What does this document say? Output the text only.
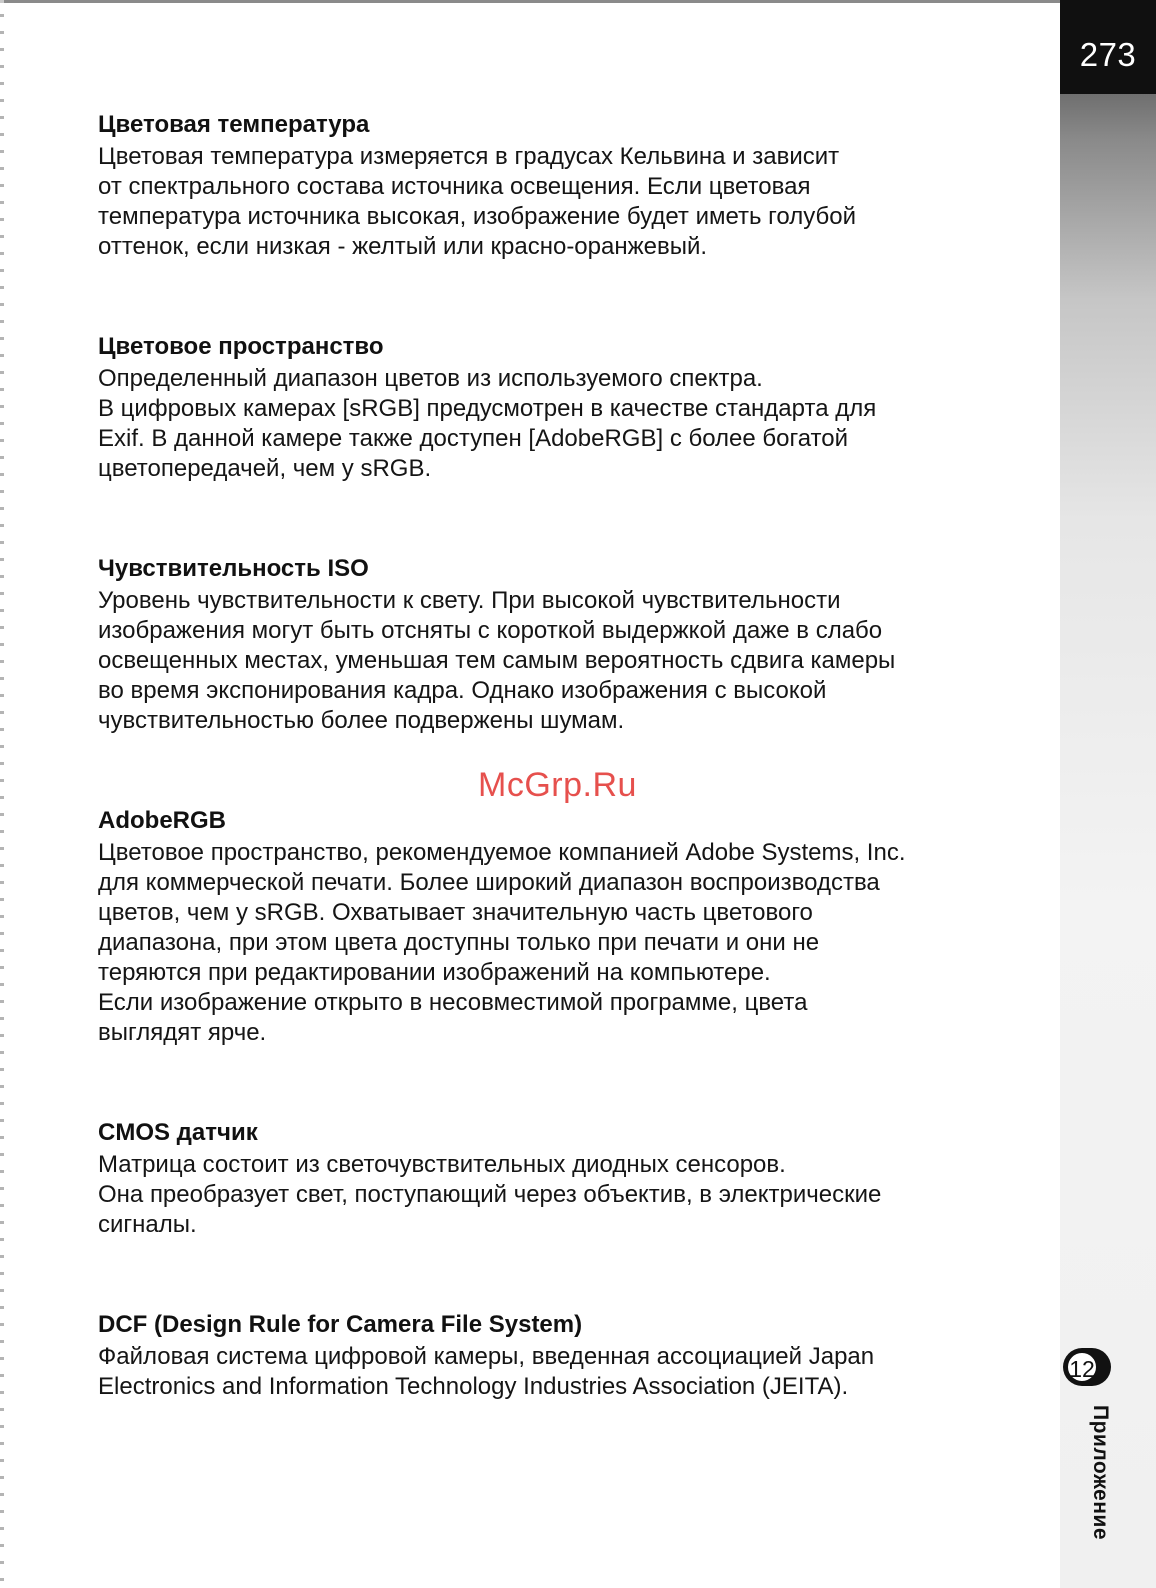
273
12
Приложение
Цветовая температура

Цветовая температура измеряется в градусах Кельвина и зависит
от спектрального состава источника освещения. Если цветовая
температура источника высокая, изображение будет иметь голубой
оттенок, если низкая - желтый или красно-оранжевый.

Цветовое пространство

Определенный диапазон цветов из используемого спектра.
В цифровых камерах [sRGB] предусмотрен в качестве стандарта для
Exif. В данной камере также доступен [AdobeRGB] с более богатой
цветопередачей, чем у sRGB.

Чувствительность ISO

Уровень чувствительности к свету. При высокой чувствительности
изображения могут быть отсняты с короткой выдержкой даже в слабо
освещенных местах, уменьшая тем самым вероятность сдвига камеры
во время экспонирования кадра. Однако изображения с высокой
чувствительностью более подвержены шумам.

AdobeRGB

Цветовое пространство, рекомендуемое компанией Adobe Systems, Inc.
для коммерческой печати. Более широкий диапазон воспроизводства
цветов, чем у sRGB. Охватывает значительную часть цветового
диапазона, при этом цвета доступны только при печати и они не
теряются при редактировании изображений на компьютере.
Если изображение открыто в несовместимой программе, цвета
выглядят ярче.

CMOS датчик

Матрица состоит из светочувствительных диодных сенсоров.
Она преобразует свет, поступающий через объектив, в электрические
сигналы.

DCF (Design Rule for Camera File System)

Файловая система цифровой камеры, введенная ассоциацией Japan
Electronics and Information Technology Industries Association (JEITA).

McGrp.Ru
